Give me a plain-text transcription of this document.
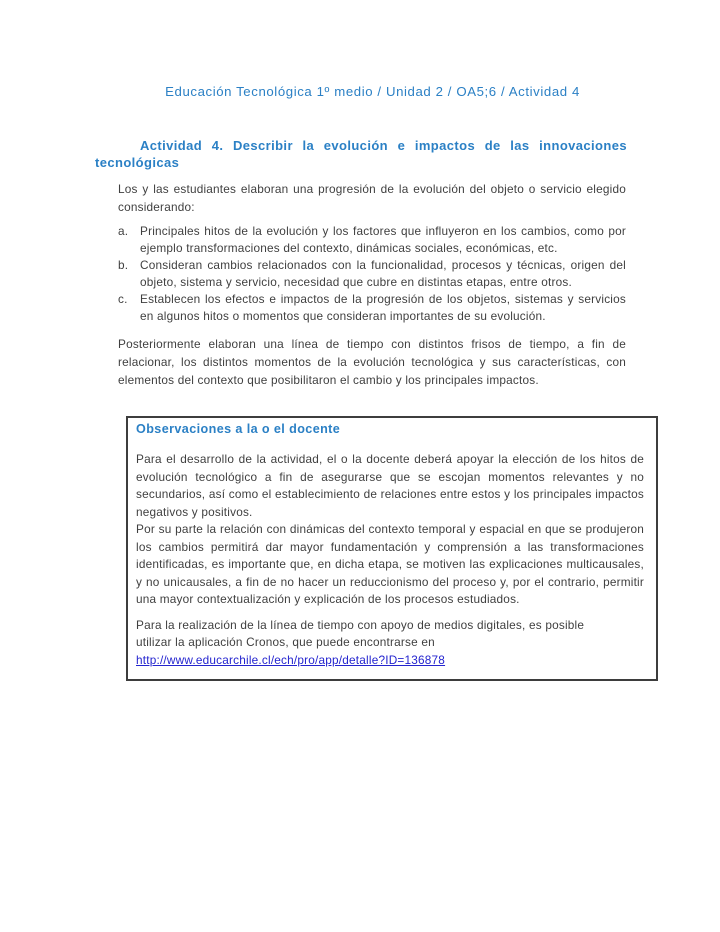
Educación Tecnológica 1º medio / Unidad 2 / OA5;6 / Actividad 4
Actividad 4. Describir la evolución e impactos de las innovaciones
tecnológicas
Los y las estudiantes elaboran una progresión de la evolución del objeto o servicio elegido considerando:
a. Principales hitos de la evolución y los factores que influyeron en los cambios, como por ejemplo transformaciones del contexto, dinámicas sociales, económicas, etc.
b. Consideran cambios relacionados con la funcionalidad, procesos y técnicas, origen del objeto, sistema y servicio, necesidad que cubre en distintas etapas, entre otros.
c.	Establecen los efectos e impactos de la progresión de los objetos, sistemas y servicios en algunos hitos o momentos que consideran importantes de su evolución.
Posteriormente elaboran una línea de tiempo con distintos frisos de tiempo, a fin de relacionar, los distintos momentos de la evolución tecnológica y sus características, con elementos del contexto que posibilitaron el cambio y los principales impactos.
Observaciones a la o el docente
Para el desarrollo de la actividad, el o la docente deberá apoyar la elección de los hitos de evolución tecnológico a fin de asegurarse que se escojan momentos relevantes y no secundarios, así como el establecimiento de relaciones entre estos y los principales impactos negativos y positivos.
Por su parte la relación con dinámicas del contexto temporal y espacial en que se produjeron los cambios permitirá dar mayor fundamentación y comprensión a las transformaciones identificadas, es importante que, en dicha etapa, se motiven las explicaciones multicausales, y no unicausales, a fin de no hacer un reduccionismo del proceso y, por el contrario, permitir una mayor contextualización y explicación de los procesos estudiados.
Para la realización de la línea de tiempo con apoyo de medios digitales, es posible
utilizar la aplicación Cronos, que puede encontrarse en
http://www.educarchile.cl/ech/pro/app/detalle?ID=136878
